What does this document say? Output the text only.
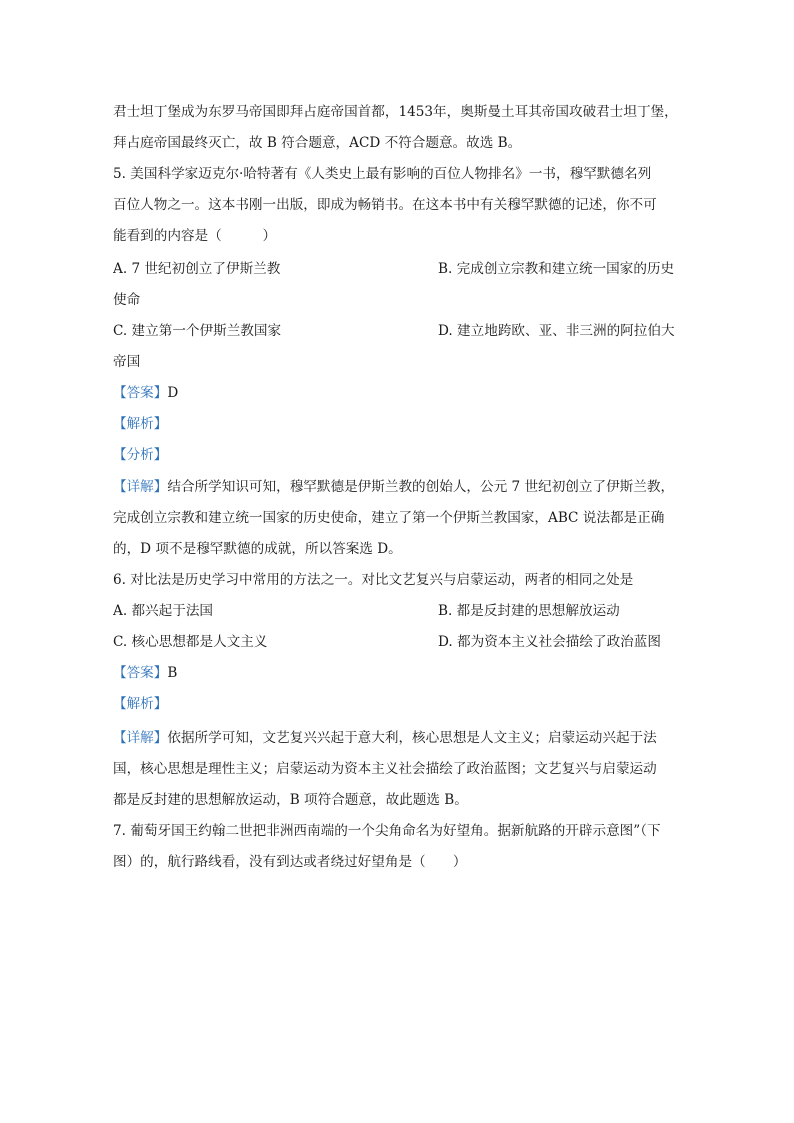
君士坦丁堡成为东罗马帝国即拜占庭帝国首都，1453年，奥斯曼土耳其帝国攻破君士坦丁堡，
拜占庭帝国最终灭亡，故 B 符合题意，ACD 不符合题意。故选 B。
5. 美国科学家迈克尔·哈特著有《人类史上最有影响的百位人物排名》一书，穆罕默德名列
百位人物之一。这本书刚一出版，即成为畅销书。在这本书中有关穆罕默德的记述，你不可
能看到的内容是（　　　）
A. 7 世纪初创立了伊斯兰教	B. 完成创立宗教和建立统一国家的历史
使命
C. 建立第一个伊斯兰教国家	D. 建立地跨欧、亚、非三洲的阿拉伯大
帝国
【答案】D
【解析】
【分析】
【详解】结合所学知识可知，穆罕默德是伊斯兰教的创始人，公元 7 世纪初创立了伊斯兰教，
完成创立宗教和建立统一国家的历史使命，建立了第一个伊斯兰教国家，ABC 说法都是正确
的，D 项不是穆罕默德的成就，所以答案选 D。
6. 对比法是历史学习中常用的方法之一。对比文艺复兴与启蒙运动，两者的相同之处是
A. 都兴起于法国	B. 都是反封建的思想解放运动
C. 核心思想都是人文主义	D. 都为资本主义社会描绘了政治蓝图
【答案】B
【解析】
【详解】依据所学可知，文艺复兴兴起于意大利，核心思想是人文主义；启蒙运动兴起于法
国，核心思想是理性主义；启蒙运动为资本主义社会描绘了政治蓝图；文艺复兴与启蒙运动
都是反封建的思想解放运动，B 项符合题意，故此题选 B。
7. 葡萄牙国王约翰二世把非洲西南端的一个尖角命名为好望角。据新航路的开辟示意图”（下
图）的，航行路线看，没有到达或者绕过好望角是（　　）
